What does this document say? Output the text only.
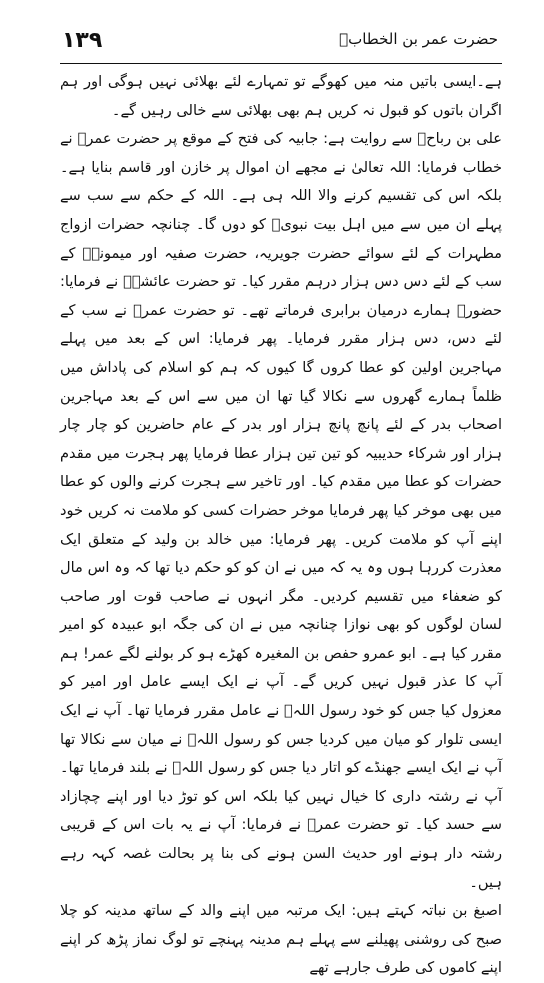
۱۳۹	حضرت عمر بن الخطابؓ

ہے۔ایسی باتیں منہ میں کھوگے تو تمہارے لئے بھلائی نہیں ہوگی اور ہم اگران باتوں کو قبول نہ کریں ہم بھی بھلائی سے خالی رہیں گے۔

علی بن رباحؒ سے روایت ہے: جابیہ کی فتح کے موقع پر حضرت عمرؓ نے خطاب فرمایا: اللہ تعالیٰ نے مجھے ان اموال پر خازن اور قاسم بنایا ہے۔ بلکہ اس کی تقسیم کرنے والا اللہ ہی ہے۔ اللہ کے حکم سے سب سے پہلے ان میں سے میں اہل بیت نبویﷺ کو دوں گا۔ چنانچہ حضرات ازواج مطہرات کے لئے سوائے حضرت جویریہ، حضرت صفیہ اور میمونہؓ کے سب کے لئے دس دس ہزار درہم مقرر کیا۔ تو حضرت عائشہؓ نے فرمایا: حضورﷺ ہمارے درمیان برابری فرماتے تھے۔ تو حضرت عمرؓ نے سب کے لئے دس، دس ہزار مقرر فرمایا۔ پھر فرمایا: اس کے بعد میں پہلے مہاجرین اولین کو عطا کروں گا کیوں کہ ہم کو اسلام کی پاداش میں ظلماً ہمارے گھروں سے نکالا گیا تھا ان میں سے اس کے بعد مہاجرین اصحاب بدر کے لئے پانچ پانچ ہزار اور بدر کے عام حاضرین کو چار چار ہزار اور شرکاء حدیبیہ کو تین تین ہزار عطا فرمایا پھر ہجرت میں مقدم حضرات کو عطا میں مقدم کیا۔ اور تاخیر سے ہجرت کرنے والوں کو عطا میں بھی موخر کیا پھر فرمایا موخر حضرات کسی کو ملامت نہ کریں خود اپنے آپ کو ملامت کریں۔ پھر فرمایا: میں خالد بن ولید کے متعلق ایک معذرت کررہا ہوں وہ یہ کہ میں نے ان کو کو حکم دیا تھا کہ وہ اس مال کو ضعفاء میں تقسیم کردیں۔ مگر انہوں نے صاحب قوت اور صاحب لسان لوگوں کو بھی نوازا چنانچہ میں نے ان کی جگہ ابو عبیدہ کو امیر مقرر کیا ہے۔ ابو عمرو حفص بن المغیرہ کھڑے ہو کر بولنے لگے عمر! ہم آپ کا عذر قبول نہیں کریں گے۔ آپ نے ایک ایسے عامل اور امیر کو معزول کیا جس کو خود رسول اللہﷺ نے عامل مقرر فرمایا تھا۔ آپ نے ایک ایسی تلوار کو میان میں کردیا جس کو رسول اللہﷺ نے میان سے نکالا تھا آپ نے ایک ایسے جھنڈے کو اتار دیا جس کو رسول اللہﷺ نے بلند فرمایا تھا۔ آپ نے رشتہ داری کا خیال نہیں کیا بلکہ اس کو توڑ دیا اور اپنے چچازاد سے حسد کیا۔ تو حضرت عمرؓ نے فرمایا: آپ نے یہ بات اس کے قریبی رشتہ دار ہونے اور حدیث السن ہونے کی بنا پر بحالت غصہ کہہ رہے ہیں۔

اصبغ بن نباتہ کہتے ہیں: ایک مرتبہ میں اپنے والد کے ساتھ مدینہ کو چلا صبح کی روشنی پھیلنے سے پہلے ہم مدینہ پہنچے تو لوگ نماز پڑھ کر اپنے اپنے کاموں کی طرف جارہے تھے
